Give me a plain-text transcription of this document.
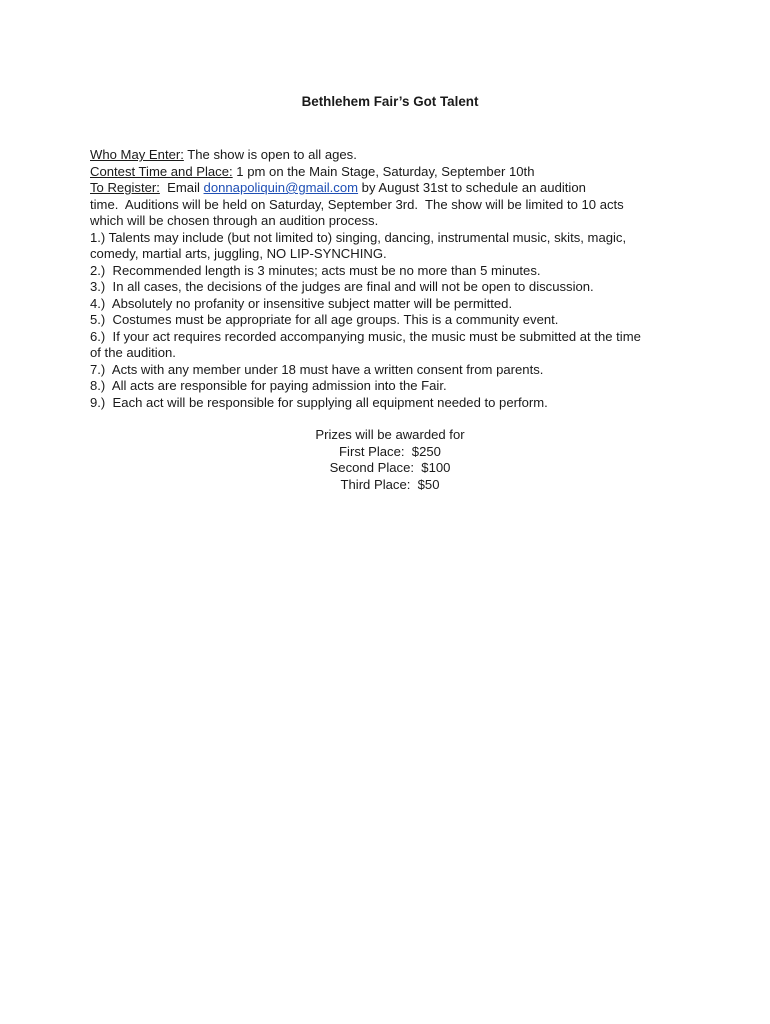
Bethlehem Fair’s Got Talent

Who May Enter: The show is open to all ages.

Contest Time and Place: 1 pm on the Main Stage, Saturday, September 10th

To Register:  Email donnapoliquin@gmail.com by August 31st to schedule an audition

time.  Auditions will be held on Saturday, September 3rd.  The show will be limited to 10 acts

which will be chosen through an audition process.

1.) Talents may include (but not limited to) singing, dancing, instrumental music, skits, magic,

comedy, martial arts, juggling, NO LIP-SYNCHING.

2.)  Recommended length is 3 minutes; acts must be no more than 5 minutes.

3.)  In all cases, the decisions of the judges are final and will not be open to discussion.

4.)  Absolutely no profanity or insensitive subject matter will be permitted.

5.)  Costumes must be appropriate for all age groups. This is a community event.

6.)  If your act requires recorded accompanying music, the music must be submitted at the time

of the audition.

7.)  Acts with any member under 18 must have a written consent from parents.

8.)  All acts are responsible for paying admission into the Fair.

9.)  Each act will be responsible for supplying all equipment needed to perform.

Prizes will be awarded for

First Place:  $250

Second Place:  $100

Third Place:  $50
